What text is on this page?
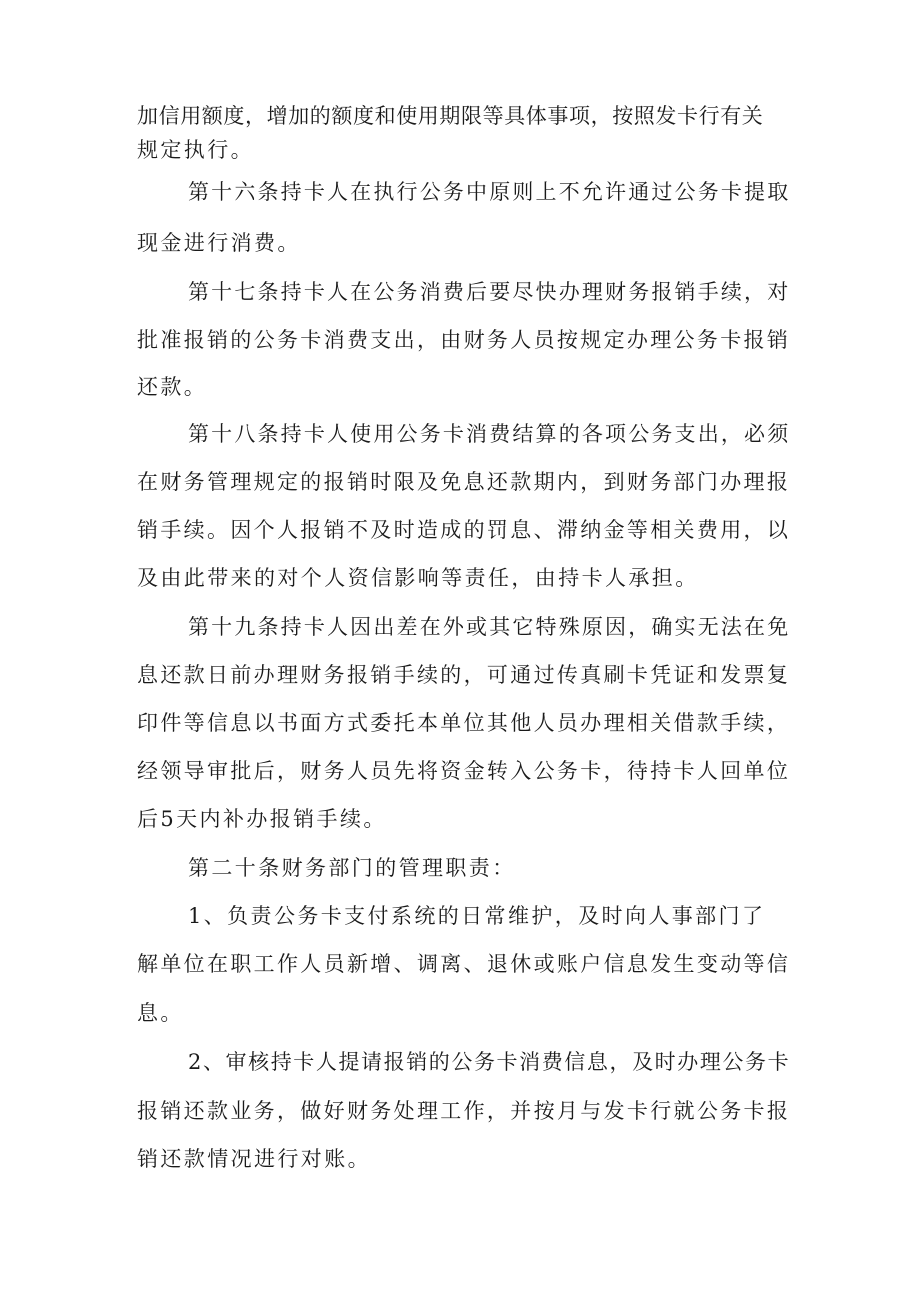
加信用额度，增加的额度和使用期限等具体事项，按照发卡行有关
规定执行。
第十六条持卡人在执行公务中原则上不允许通过公务卡提取
现金进行消费。
第十七条持卡人在公务消费后要尽快办理财务报销手续，对
批准报销的公务卡消费支出，由财务人员按规定办理公务卡报销
还款。
第十八条持卡人使用公务卡消费结算的各项公务支出，必须
在财务管理规定的报销时限及免息还款期内，到财务部门办理报
销手续。因个人报销不及时造成的罚息、滞纳金等相关费用，以
及由此带来的对个人资信影响等责任，由持卡人承担。
第十九条持卡人因出差在外或其它特殊原因，确实无法在免
息还款日前办理财务报销手续的，可通过传真刷卡凭证和发票复
印件等信息以书面方式委托本单位其他人员办理相关借款手续，
经领导审批后，财务人员先将资金转入公务卡，待持卡人回单位
后5天内补办报销手续。
第二十条财务部门的管理职责：
1、负责公务卡支付系统的日常维护，及时向人事部门了
解单位在职工作人员新增、调离、退休或账户信息发生变动等信
息。
2、审核持卡人提请报销的公务卡消费信息，及时办理公务卡
报销还款业务，做好财务处理工作，并按月与发卡行就公务卡报
销还款情况进行对账。
